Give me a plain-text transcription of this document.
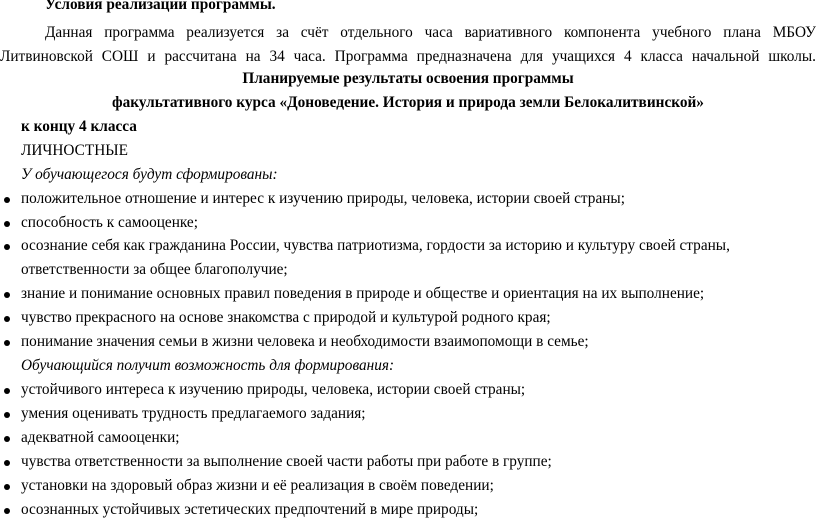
Условия реализации программы.
Данная программа реализуется за счёт отдельного часа вариативного компонента учебного плана МБОУ Литвиновской СОШ и рассчитана на 34 часа. Программа предназначена для учащихся 4 класса начальной школы.
Планируемые результаты освоения программы
факультативного курса «Доноведение. История и природа земли Белокалитвинской»
к концу 4 класса
ЛИЧНОСТНЫЕ
У обучающегося будут сформированы:
положительное отношение и интерес к изучению природы, человека, истории своей страны;
способность к самооценке;
осознание себя как гражданина России, чувства патриотизма, гордости за историю и культуру своей страны, ответственности за общее благополучие;
знание и понимание основных правил поведения в природе и обществе и ориентация на их выполнение;
чувство прекрасного на основе знакомства с природой и культурой родного края;
понимание значения семьи в жизни человека и необходимости взаимопомощи в семье;
Обучающийся получит возможность для формирования:
устойчивого интереса к изучению природы, человека, истории своей страны;
умения оценивать трудность предлагаемого задания;
адекватной самооценки;
чувства ответственности за выполнение своей части работы при работе в группе;
установки на здоровый образ жизни и её реализация в своём поведении;
осознанных устойчивых эстетических предпочтений в мире природы;
